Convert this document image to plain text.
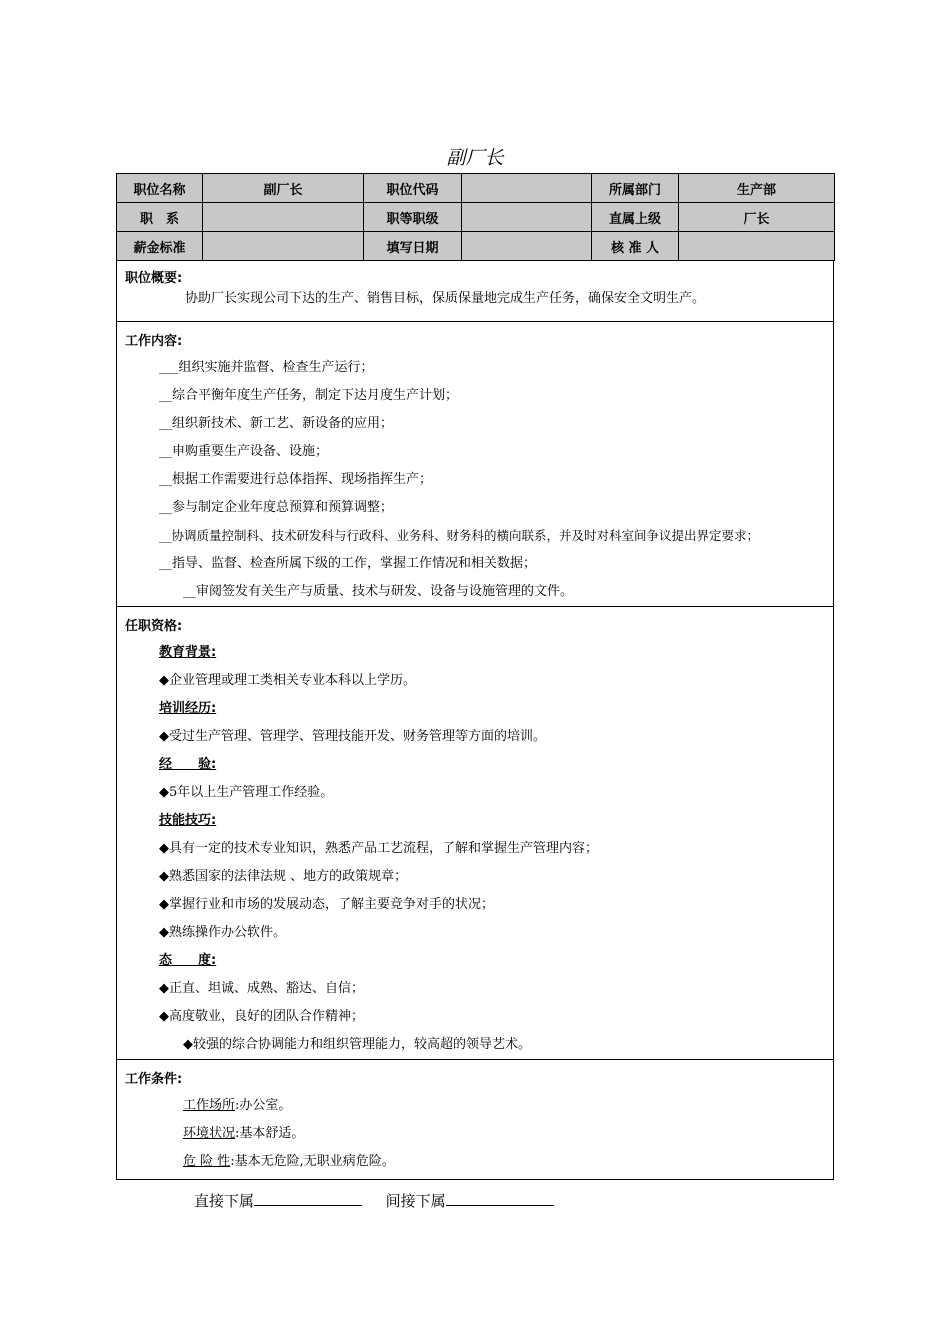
副厂长
职位名称	副厂长	职位代码		所属部门	生产部
职　系		职等职级		直属上级	厂长
薪金标准		填写日期		核 准 人	
职位概要:
协助厂长实现公司下达的生产、销售目标，保质保量地完成生产任务，确保安全文明生产。
工作内容:
___组织实施并监督、检查生产运行；
__综合平衡年度生产任务，制定下达月度生产计划；
__组织新技术、新工艺、新设备的应用；
__申购重要生产设备、设施；
__根据工作需要进行总体指挥、现场指挥生产；
__参与制定企业年度总预算和预算调整；
__协调质量控制科、技术研发科与行政科、业务科、财务科的横向联系，并及时对科室间争议提出界定要求；
__指导、监督、检查所属下级的工作，掌握工作情况和相关数据；
__审阅签发有关生产与质量、技术与研发、设备与设施管理的文件。
任职资格:
教育背景:
◆企业管理或理工类相关专业本科以上学历。
培训经历:
◆受过生产管理、管理学、管理技能开发、财务管理等方面的培训。
经　　验:
◆5年以上生产管理工作经验。
技能技巧:
◆具有一定的技术专业知识，熟悉产品工艺流程，了解和掌握生产管理内容；
◆熟悉国家的法律法规 、地方的政策规章；
◆掌握行业和市场的发展动态，了解主要竞争对手的状况；
◆熟练操作办公软件。
态　　度:
◆正直、坦诚、成熟、豁达、自信；
◆高度敬业，良好的团队合作精神；
◆较强的综合协调能力和组织管理能力，较高超的领导艺术。
工作条件:
工作场所:办公室。
环境状况:基本舒适。
危 险 性:基本无危险,无职业病危险。
直接下属	间接下属
